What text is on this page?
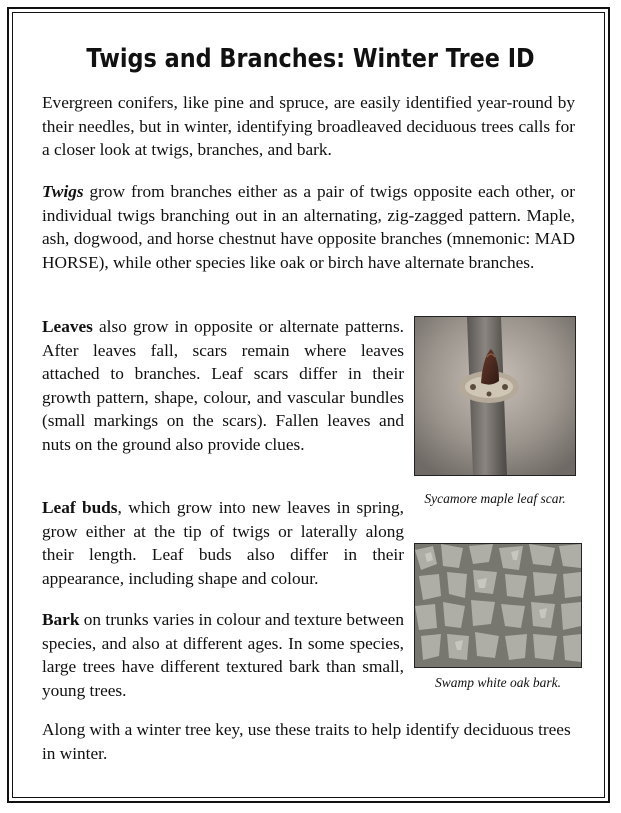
Twigs and Branches: Winter Tree ID

Evergreen conifers, like pine and spruce, are easily identified year-round by their needles, but in winter, identifying broadleaved deciduous trees calls for a closer look at twigs, branches, and bark.

Twigs grow from branches either as a pair of twigs opposite each other, or individual twigs branching out in an alternating, zig-zagged pattern. Maple, ash, dogwood, and horse chestnut have opposite branches (mnemonic: MAD HORSE), while other species like oak or birch have alternate branches.

Leaves also grow in opposite or alternate patterns. After leaves fall, scars remain where leaves attached to branches. Leaf scars differ in their growth pattern, shape, colour, and vascular bundles (small markings on the scars). Fallen leaves and nuts on the ground also provide clues.

Leaf buds, which grow into new leaves in spring, grow either at the tip of twigs or laterally along their length. Leaf buds also differ in their appearance, including shape and colour.

Bark on trunks varies in colour and texture between species, and also at different ages. In some species, large trees have different textured bark than small, young trees.

Along with a winter tree key, use these traits to help identify deciduous trees in winter.

Sycamore maple leaf scar.
Swamp white oak bark.
